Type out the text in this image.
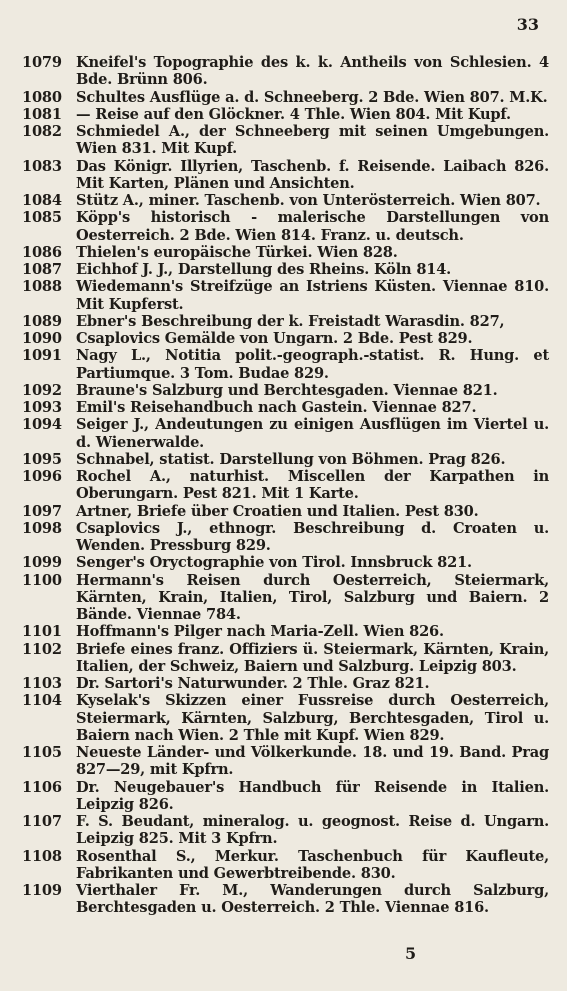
33
1079 Kneifel's Topographie des k. k. Antheils von Schlesien. 4 Bde. Brünn 806.
1080 Schultes Ausflüge a. d. Schneeberg. 2 Bde. Wien 807. M.K.
1081 — Reise auf den Glöckner. 4 Thle. Wien 804. Mit Kupf.
1082 Schmiedel A., der Schneeberg mit seinen Umgebungen. Wien 831. Mit Kupf.
1083 Das Königr. Illyrien, Taschenb. f. Reisende. Laibach 826. Mit Karten, Plänen und Ansichten.
1084 Stütz A., miner. Taschenb. von Unterösterreich. Wien 807.
1085 Köpp's historisch - malerische Darstellungen von Oesterreich. 2 Bde. Wien 814. Franz. u. deutsch.
1086 Thielen's europäische Türkei. Wien 828.
1087 Eichhof J. J., Darstellung des Rheins. Köln 814.
1088 Wiedemann's Streifzüge an Istriens Küsten. Viennae 810. Mit Kupferst.
1089 Ebner's Beschreibung der k. Freistadt Warasdin. 827,
1090 Csaplovics Gemälde von Ungarn. 2 Bde. Pest 829.
1091 Nagy L., Notitia polit.-geograph.-statist. R. Hung. et Partiumque. 3 Tom. Budae 829.
1092 Braune's Salzburg und Berchtesgaden. Viennae 821.
1093 Emil's Reisehandbuch nach Gastein. Viennae 827.
1094 Seiger J., Andeutungen zu einigen Ausflügen im Viertel u. d. Wienerwalde.
1095 Schnabel, statist. Darstellung von Böhmen. Prag 826.
1096 Rochel A., naturhist. Miscellen der Karpathen in Oberungarn. Pest 821. Mit 1 Karte.
1097 Artner, Briefe über Croatien und Italien. Pest 830.
1098 Csaplovics J., ethnogr. Beschreibung d. Croaten u. Wenden. Pressburg 829.
1099 Senger's Oryctographie von Tirol. Innsbruck 821.
1100 Hermann's Reisen durch Oesterreich, Steiermark, Kärnten, Krain, Italien, Tirol, Salzburg und Baiern. 2 Bände. Viennae 784.
1101 Hoffmann's Pilger nach Maria-Zell. Wien 826.
1102 Briefe eines franz. Offiziers ü. Steiermark, Kärnten, Krain, Italien, der Schweiz, Baiern und Salzburg. Leipzig 803.
1103 Dr. Sartori's Naturwunder. 2 Thle. Graz 821.
1104 Kyselak's Skizzen einer Fussreise durch Oesterreich, Steiermark, Kärnten, Salzburg, Berchtesgaden, Tirol u. Baiern nach Wien. 2 Thle mit Kupf. Wien 829.
1105 Neueste Länder- und Völkerkunde. 18. und 19. Band. Prag 827—29, mit Kpfrn.
1106 Dr. Neugebauer's Handbuch für Reisende in Italien. Leipzig 826.
1107 F. S. Beudant, mineralog. u. geognost. Reise d. Ungarn. Leipzig 825. Mit 3 Kpfrn.
1108 Rosenthal S., Merkur. Taschenbuch für Kaufleute, Fabrikanten und Gewerbtreibende. 830.
1109 Vierthaler Fr. M., Wanderungen durch Salzburg, Berchtesgaden u. Oesterreich. 2 Thle. Viennae 816.
5
